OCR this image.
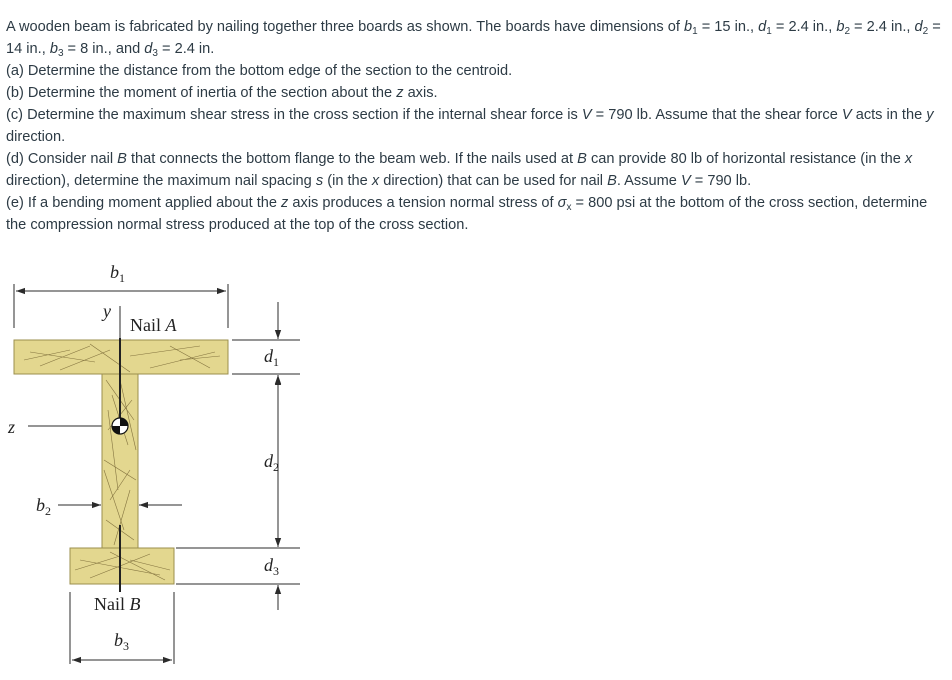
A wooden beam is fabricated by nailing together three boards as shown. The boards have dimensions of $b_1 = 15$ in., $d_1 = 2.4$ in., $b_2 = 2.4$ in., $d_2 = 14$ in., $b_3 = 8$ in., and $d_3 = 2.4$ in.

(a) Determine the distance from the bottom edge of the section to the centroid.

(b) Determine the moment of inertia of the section about the z axis.

(c) Determine the maximum shear stress in the cross section if the internal shear force is V = 790 lb. Assume that the shear force V acts in the y direction.

(d) Consider nail B that connects the bottom flange to the beam web. If the nails used at B can provide 80 lb of horizontal resistance (in the x direction), determine the maximum nail spacing s (in the x direction) that can be used for nail B. Assume V = 790 lb.

(e) If a bending moment applied about the z axis produces a tension normal stress of $\sigma_x = 800$ psi at the bottom of the cross section, determine the compression normal stress produced at the top of the cross section.

$b_1$
y
Nail A
$d_1$
z
$d_2$
$b_2$
$d_3$
Nail B
$b_3$
